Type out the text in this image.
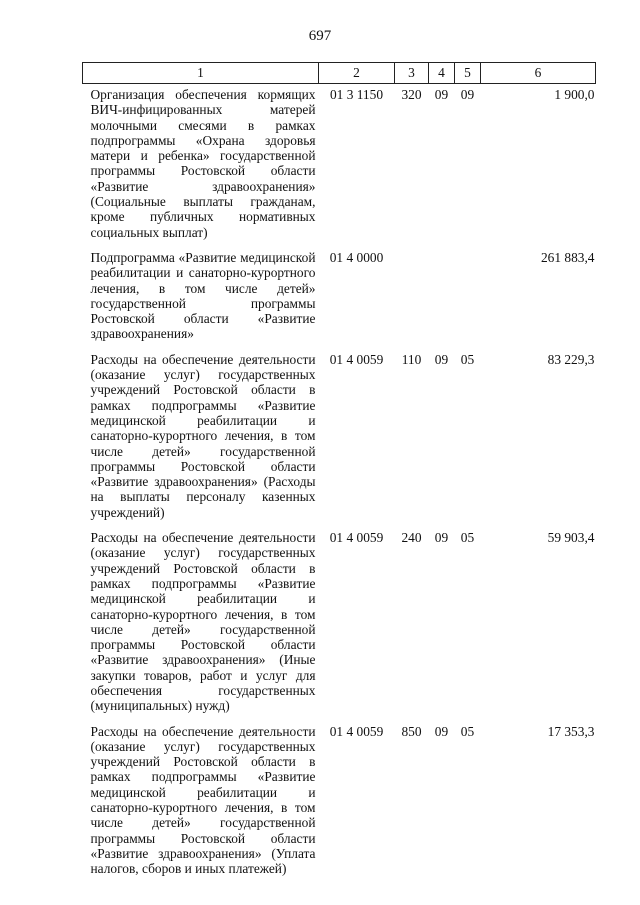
697
1	2	3	4	5	6
Организация обеспечения кормящих ВИЧ-инфицированных матерей молочными смесями в рамках подпрограммы «Охрана здоровья матери и ребенка» государственной программы Ростовской области «Развитие здравоохранения» (Социальные выплаты гражданам, кроме публичных нормативных социальных выплат)	01 3 1150	320	09	09	1 900,0
Подпрограмма «Развитие медицинской реабилитации и санаторно-курортного лечения, в том числе детей» государственной программы Ростовской области «Развитие здравоохранения»	01 4 0000				261 883,4
Расходы на обеспечение деятельности (оказание услуг) государственных учреждений Ростовской области в рамках подпрограммы «Развитие медицинской реабилитации и санаторно-курортного лечения, в том числе детей» государственной программы Ростовской области «Развитие здравоохранения» (Расходы на выплаты персоналу казенных учреждений)	01 4 0059	110	09	05	83 229,3
Расходы на обеспечение деятельности (оказание услуг) государственных учреждений Ростовской области в рамках подпрограммы «Развитие медицинской реабилитации и санаторно-курортного лечения, в том числе детей» государственной программы Ростовской области «Развитие здравоохранения» (Иные закупки товаров, работ и услуг для обеспечения государственных (муниципальных) нужд)	01 4 0059	240	09	05	59 903,4
Расходы на обеспечение деятельности (оказание услуг) государственных учреждений Ростовской области в рамках подпрограммы «Развитие медицинской реабилитации и санаторно-курортного лечения, в том числе детей» государственной программы Ростовской области «Развитие здравоохранения» (Уплата налогов, сборов и иных платежей)	01 4 0059	850	09	05	17 353,3
